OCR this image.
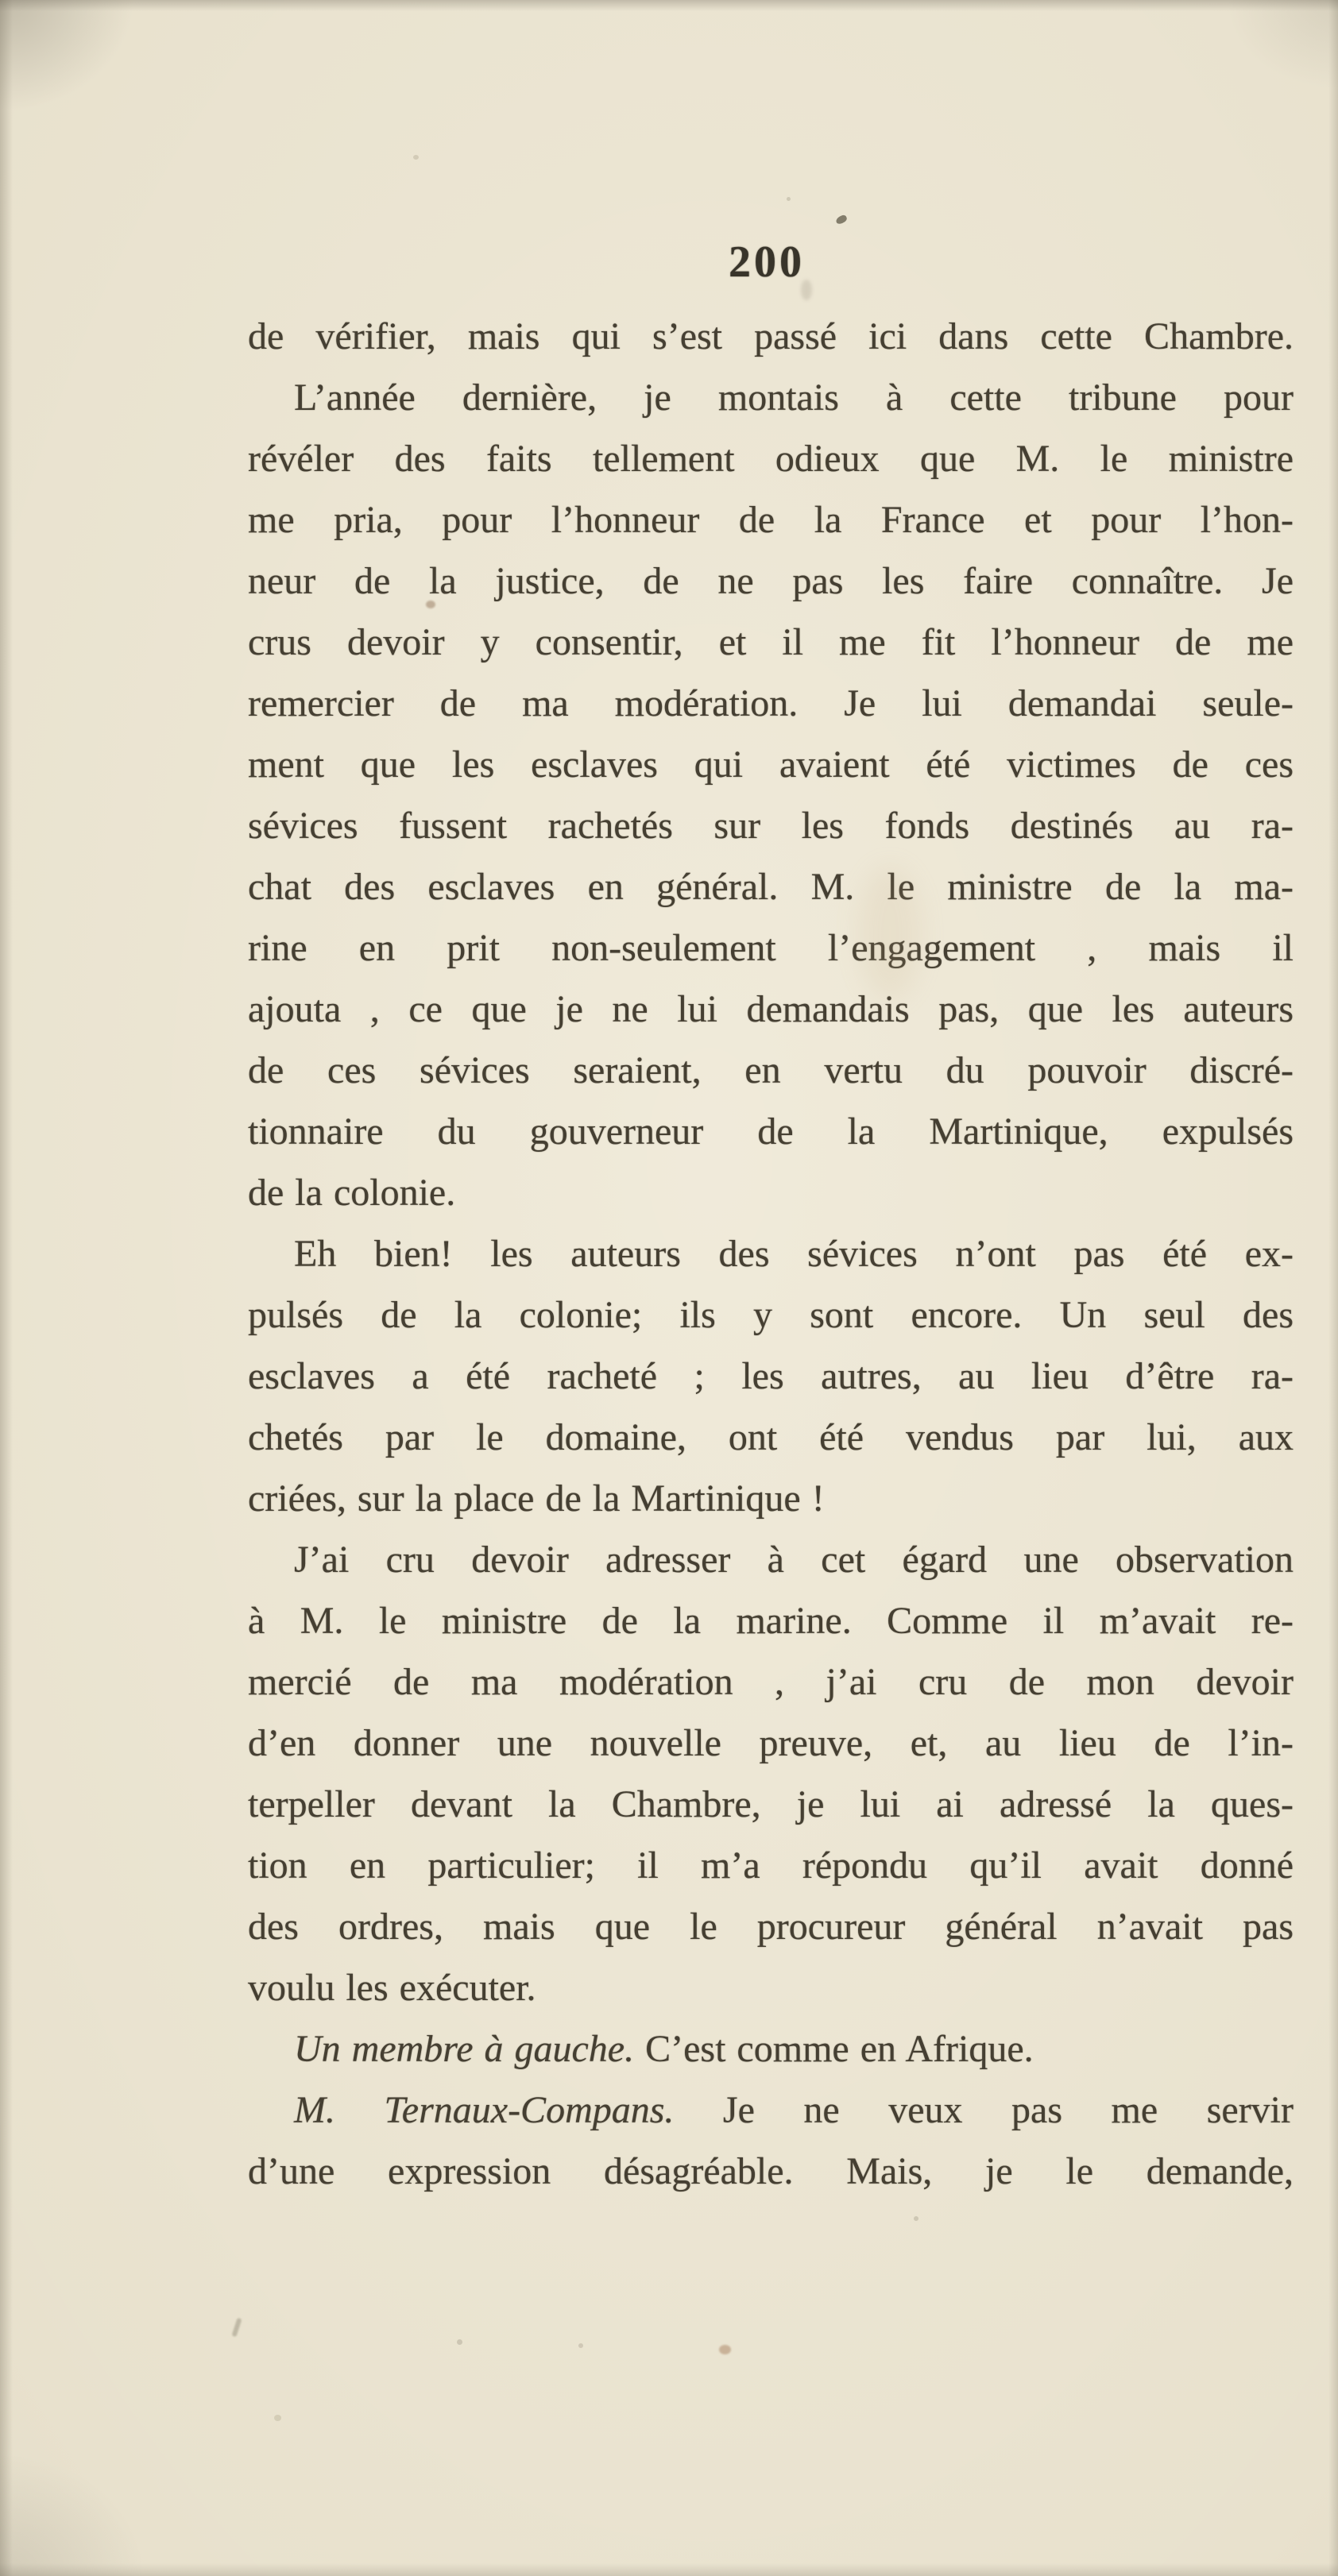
200
de vérifier, mais qui s’est passé ici dans cette Chambre.
L’année dernière, je montais à cette tribune pour
révéler des faits tellement odieux que M. le ministre
me pria, pour l’honneur de la France et pour l’hon-
neur de la justice, de ne pas les faire connaître. Je
crus devoir y consentir, et il me fit l’honneur de me
remercier de ma modération. Je lui demandai seule-
ment que les esclaves qui avaient été victimes de ces
sévices fussent rachetés sur les fonds destinés au ra-
chat des esclaves en général. M. le ministre de la ma-
rine en prit non-seulement l’engagement , mais il
ajouta , ce que je ne lui demandais pas, que les auteurs
de ces sévices seraient, en vertu du pouvoir discré-
tionnaire du gouverneur de la Martinique, expulsés
de la colonie.
Eh bien! les auteurs des sévices n’ont pas été ex-
pulsés de la colonie; ils y sont encore. Un seul des
esclaves a été racheté ; les autres, au lieu d’être ra-
chetés par le domaine, ont été vendus par lui, aux
criées, sur la place de la Martinique !
J’ai cru devoir adresser à cet égard une observation
à M. le ministre de la marine. Comme il m’avait re-
mercié de ma modération , j’ai cru de mon devoir
d’en donner une nouvelle preuve, et, au lieu de l’in-
terpeller devant la Chambre, je lui ai adressé la ques-
tion en particulier; il m’a répondu qu’il avait donné
des ordres, mais que le procureur général n’avait pas
voulu les exécuter.
Un membre à gauche. C’est comme en Afrique.
M. Ternaux-Compans. Je ne veux pas me servir
d’une expression désagréable. Mais, je le demande,
